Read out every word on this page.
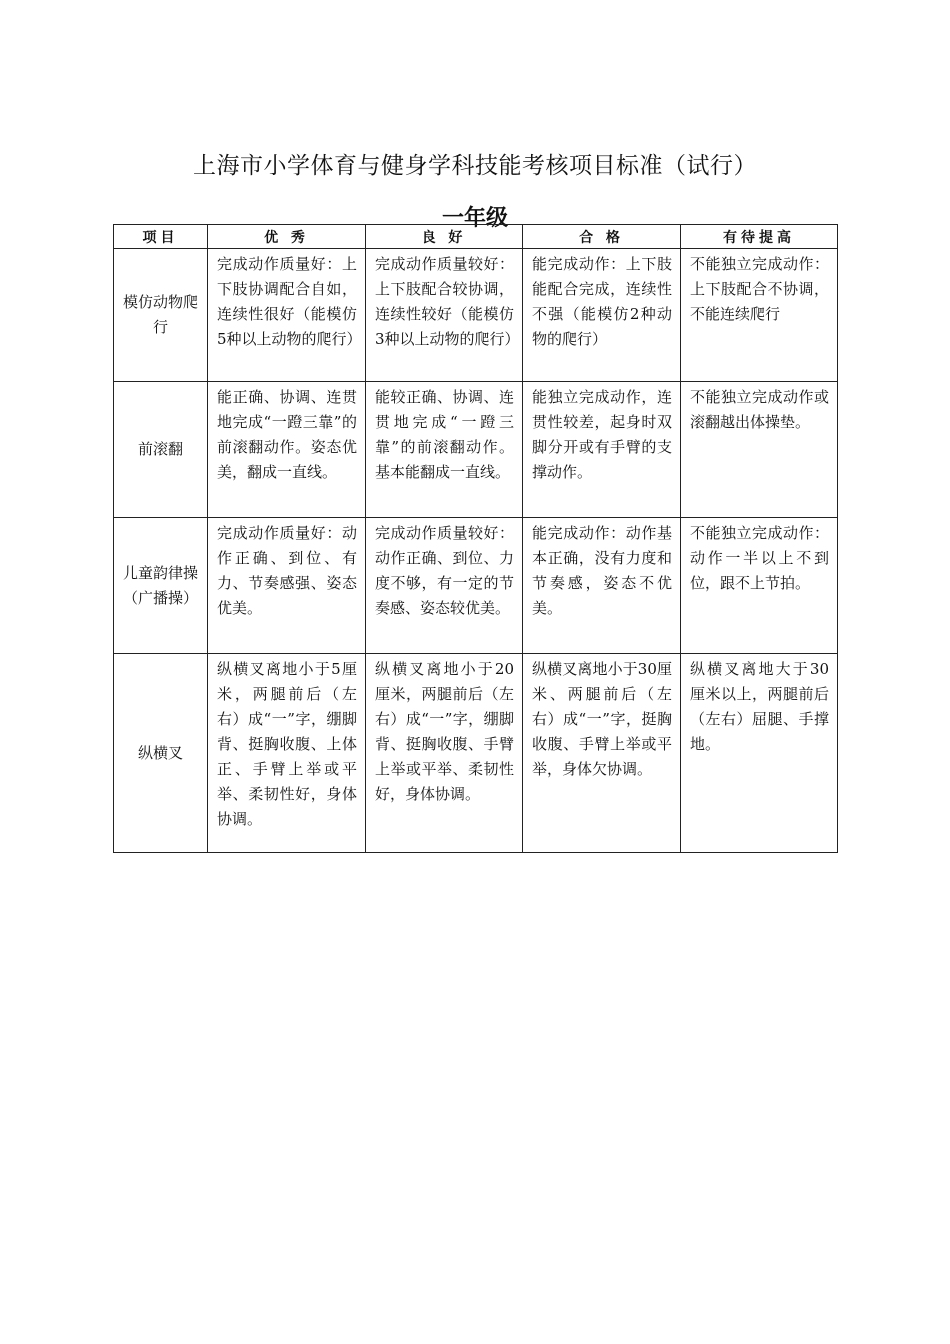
上海市小学体育与健身学科技能考核项目标准（试行）
一年级
项目	优 秀	良 好	合 格	有待提高
模仿动物爬行	完成动作质量好：上下肢协调配合自如，连续性很好（能模仿5种以上动物的爬行）	完成动作质量较好：上下肢配合较协调，连续性较好（能模仿3种以上动物的爬行）	能完成动作：上下肢能配合完成，连续性不强（能模仿2种动物的爬行）	不能独立完成动作：上下肢配合不协调，不能连续爬行
前滚翻	能正确、协调、连贯地完成“一蹬三靠”的前滚翻动作。姿态优美，翻成一直线。	能较正确、协调、连贯地完成“一蹬三靠”的前滚翻动作。基本能翻成一直线。	能独立完成动作，连贯性较差，起身时双脚分开或有手臂的支撑动作。	不能独立完成动作或滚翻越出体操垫。
儿童韵律操（广播操）	完成动作质量好：动作正确、到位、有力、节奏感强、姿态优美。	完成动作质量较好：动作正确、到位、力度不够，有一定的节奏感、姿态较优美。	能完成动作：动作基本正确，没有力度和节奏感，姿态不优美。	不能独立完成动作：动作一半以上不到位，跟不上节拍。
纵横叉	纵横叉离地小于5厘米，两腿前后（左右）成“一”字，绷脚背、挺胸收腹、上体正、手臂上举或平举、柔韧性好，身体协调。	纵横叉离地小于20厘米，两腿前后（左右）成“一”字，绷脚背、挺胸收腹、手臂上举或平举、柔韧性好，身体协调。	纵横叉离地小于30厘米、两腿前后（左右）成“一”字，挺胸收腹、手臂上举或平举，身体欠协调。	纵横叉离地大于30厘米以上，两腿前后（左右）屈腿、手撑地。
